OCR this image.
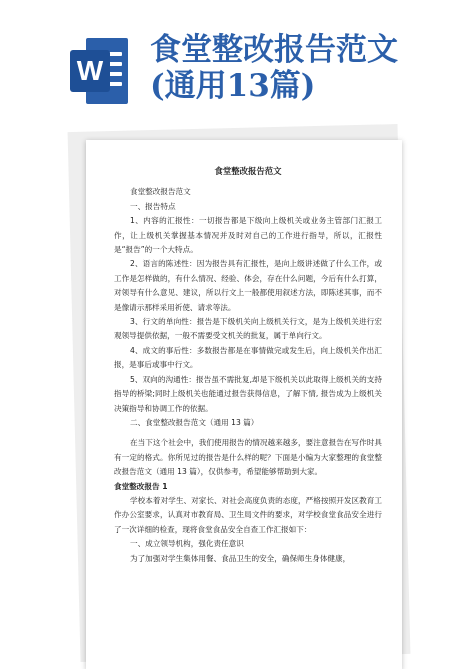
W
食堂整改报告范文
(通用13篇)
食堂整改报告范文
食堂整改报告范文
一、报告特点
1、内容的汇报性：一切报告都是下级向上级机关或业务主管部门汇报工作，让上级机关掌握基本情况并及时对自己的工作进行指导，所以，汇报性是“报告”的一个大特点。
2、语言的陈述性：因为报告具有汇报性，是向上级讲述做了什么工作，或工作是怎样做的，有什么情况、经验、体会，存在什么问题，今后有什么打算，对领导有什么意见、建议，所以行文上一般都使用叙述方法，即陈述其事，而不是像请示那样采用祈使、请求等法。
3、行文的单向性：报告是下级机关向上级机关行文，是为上级机关进行宏观领导提供依据，一般不需要受文机关的批复，属于单向行文。
4、成文的事后性：多数报告都是在事情做完或发生后，向上级机关作出汇报，是事后或事中行文。
5、双向的沟通性：报告虽不需批复,却是下级机关以此取得上级机关的支持 指导的桥梁;同时上级机关也能通过报告获得信息，了解下情, 报告成为上级机关决策指导和协调工作的依据。
二、食堂整改报告范文（通用 13 篇）
在当下这个社会中，我们使用报告的情况越来越多，要注意报告在写作时具有一定的格式。你所见过的报告是什么样的呢？下面是小编为大家整理的食堂整改报告范文（通用 13 篇），仅供参考，希望能够帮助到大家。
食堂整改报告 1
学校本着对学生、对家长、对社会高度负责的态度，严格按照开发区教育工作办公室要求，认真对市教育局、卫生局文件的要求，对学校食堂食品安全进行了一次详细的检查，现将食堂食品安全自查工作汇报如下：
一、成立领导机构，强化责任意识
为了加强对学生集体用餐、食品卫生的安全，确保师生身体健康，
